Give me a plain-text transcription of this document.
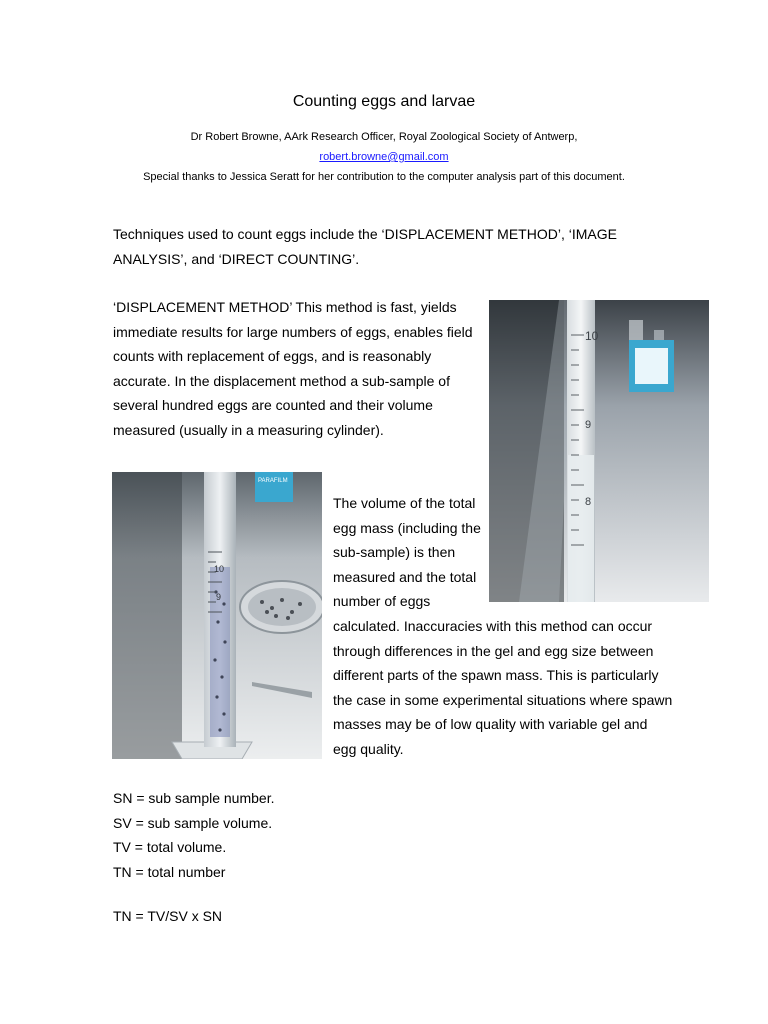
Counting eggs and larvae
Dr Robert Browne, AArk Research Officer, Royal Zoological Society of Antwerp,
robert.browne@gmail.com
Special thanks to Jessica Seratt for her contribution to the computer analysis part of this document.
Techniques used to count eggs include the ‘DISPLACEMENT METHOD’, ‘IMAGE ANALYSIS’, and ‘DIRECT COUNTING’.
‘DISPLACEMENT METHOD’ This method is fast, yields immediate results for large numbers of eggs, enables field counts with replacement of eggs, and is reasonably accurate. In the displacement method a sub-sample of several hundred eggs are counted and their volume measured (usually in a measuring cylinder).
10
9
8
PARAFILM
10
9
The volume of the total egg mass (including the sub-sample) is then measured and the total number of eggs
calculated. Inaccuracies with this method can occur through differences in the gel and egg size between different parts of the spawn mass. This is particularly the case in some experimental situations where spawn masses may be of low quality with variable gel and egg quality.
SN = sub sample number.
SV = sub sample volume.
TV = total volume.
TN = total number
TN = TV/SV x SN
